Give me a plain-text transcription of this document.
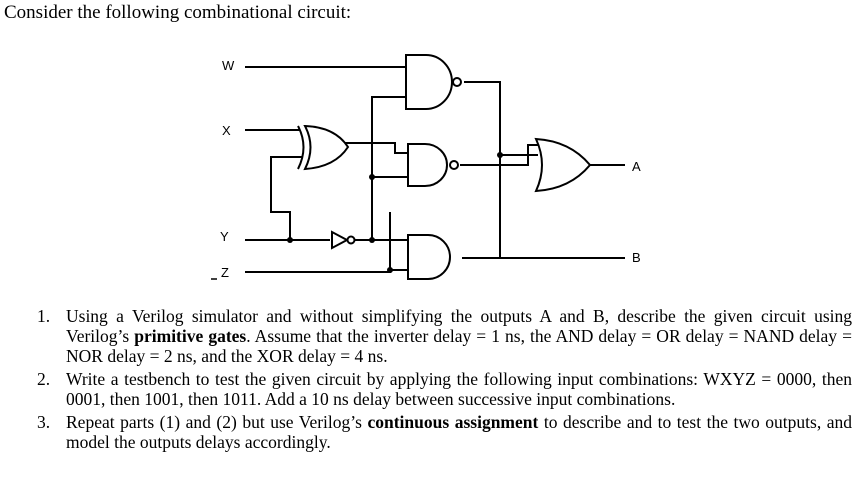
Consider the following combinational circuit:
W
X
Y
Z
A
B
1. Using a Verilog simulator and without simplifying the outputs A and B, describe the given circuit using Verilog’s primitive gates. Assume that the inverter delay = 1 ns, the AND delay = OR delay = NAND delay = NOR delay = 2 ns, and the XOR delay = 4 ns.
2. Write a testbench to test the given circuit by applying the following input combinations: WXYZ = 0000, then 0001, then 1001, then 1011. Add a 10 ns delay between successive input combinations.
3. Repeat parts (1) and (2) but use Verilog’s continuous assignment to describe and to test the two outputs, and model the outputs delays accordingly.
